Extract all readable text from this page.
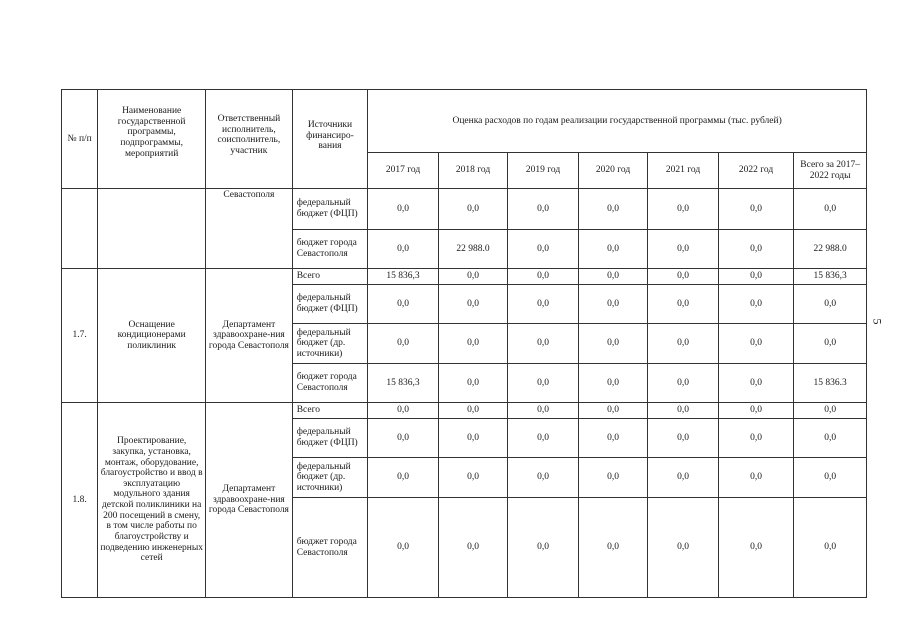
№ п/п	Наименование государственной программы, подпрограммы, мероприятий	Ответственный исполнитель, соисполнитель, участник	Источники финансиро-вания	Оценка расходов по годам реализации государственной программы (тыс. рублей)						
				2017 год	2018 год	2019 год	2020 год	2021 год	2022 год	Всего за 2017–2022 годы
		Севастополя	федеральный бюджет (ФЦП)	0,0	0,0	0,0	0,0	0,0	0,0	0,0
			бюджет города Севастополя	0,0	22 988.0	0,0	0,0	0,0	0,0	22 988.0
1.7.	Оснащение кондиционерами поликлиник	Департамент здравоохране-ния города Севастополя	Всего	15 836,3	0,0	0,0	0,0	0,0	0,0	15 836,3
			федеральный бюджет (ФЦП)	0,0	0,0	0,0	0,0	0,0	0,0	0,0
			федеральный бюджет (др. источники)	0,0	0,0	0,0	0,0	0,0	0,0	0,0
			бюджет города Севастополя	15 836,3	0,0	0,0	0,0	0,0	0,0	15 836.3
1.8.	Проектирование, закупка, установка, монтаж, оборудование, благоустройство и ввод в эксплуатацию модульного здания детской поликлиники на 200 посещений в смену, в том числе работы по благоустройству и подведению инженерных сетей	Департамент здравоохране-ния города Севастополя	Всего	0,0	0,0	0,0	0,0	0,0	0,0	0,0
			федеральный бюджет (ФЦП)	0,0	0,0	0,0	0,0	0,0	0,0	0,0
			федеральный бюджет (др. источники)	0,0	0,0	0,0	0,0	0,0	0,0	0,0
			бюджет города Севастополя	0,0	0,0	0,0	0,0	0,0	0,0	0,0
5
